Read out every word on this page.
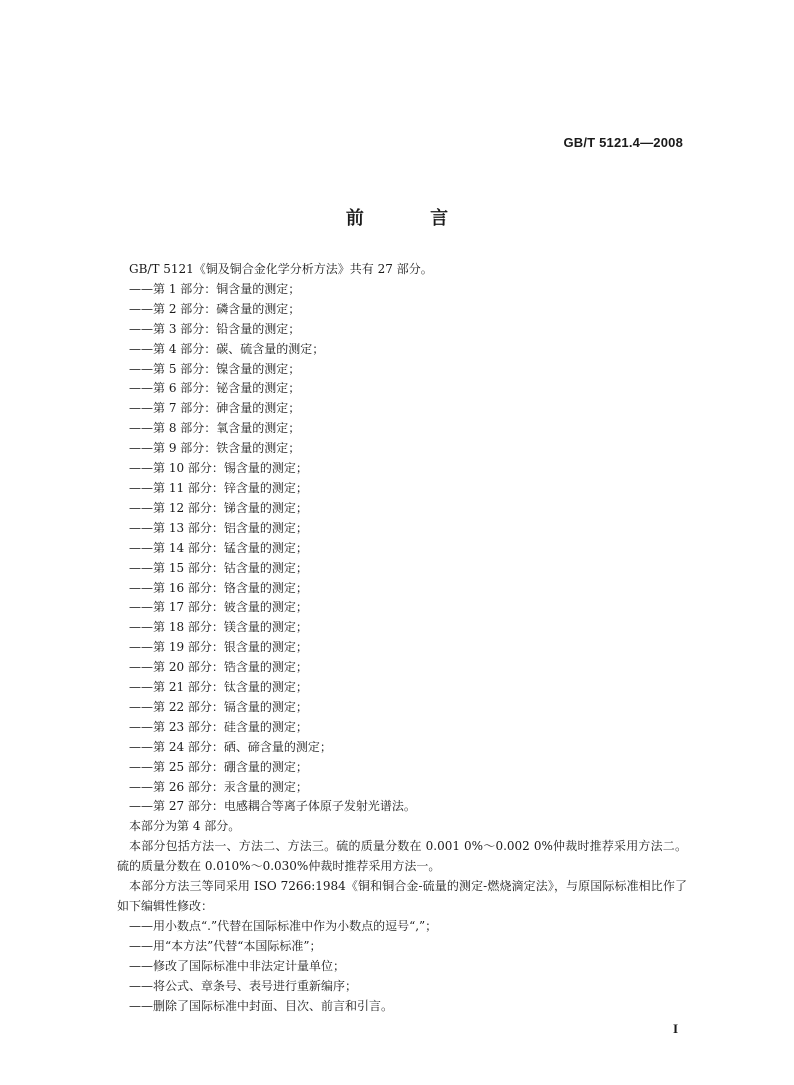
GB/T 5121.4—2008
前 言
GB/T 5121《铜及铜合金化学分析方法》共有 27 部分。
——第 1 部分：铜含量的测定；
——第 2 部分：磷含量的测定；
——第 3 部分：铅含量的测定；
——第 4 部分：碳、硫含量的测定；
——第 5 部分：镍含量的测定；
——第 6 部分：铋含量的测定；
——第 7 部分：砷含量的测定；
——第 8 部分：氧含量的测定；
——第 9 部分：铁含量的测定；
——第 10 部分：锡含量的测定；
——第 11 部分：锌含量的测定；
——第 12 部分：锑含量的测定；
——第 13 部分：铝含量的测定；
——第 14 部分：锰含量的测定；
——第 15 部分：钴含量的测定；
——第 16 部分：铬含量的测定；
——第 17 部分：铍含量的测定；
——第 18 部分：镁含量的测定；
——第 19 部分：银含量的测定；
——第 20 部分：锆含量的测定；
——第 21 部分：钛含量的测定；
——第 22 部分：镉含量的测定；
——第 23 部分：硅含量的测定；
——第 24 部分：硒、碲含量的测定；
——第 25 部分：硼含量的测定；
——第 26 部分：汞含量的测定；
——第 27 部分：电感耦合等离子体原子发射光谱法。
本部分为第 4 部分。
本部分包括方法一、方法二、方法三。硫的质量分数在 0.001 0%～0.002 0%仲裁时推荐采用方法二。硫的质量分数在 0.010%～0.030%仲裁时推荐采用方法一。
本部分方法三等同采用 ISO 7266:1984《铜和铜合金-硫量的测定-燃烧滴定法》，与原国际标准相比作了如下编辑性修改：
——用小数点“.”代替在国际标准中作为小数点的逗号“,”；
——用“本方法”代替“本国际标准”；
——修改了国际标准中非法定计量单位；
——将公式、章条号、表号进行重新编序；
——删除了国际标准中封面、目次、前言和引言。
I
